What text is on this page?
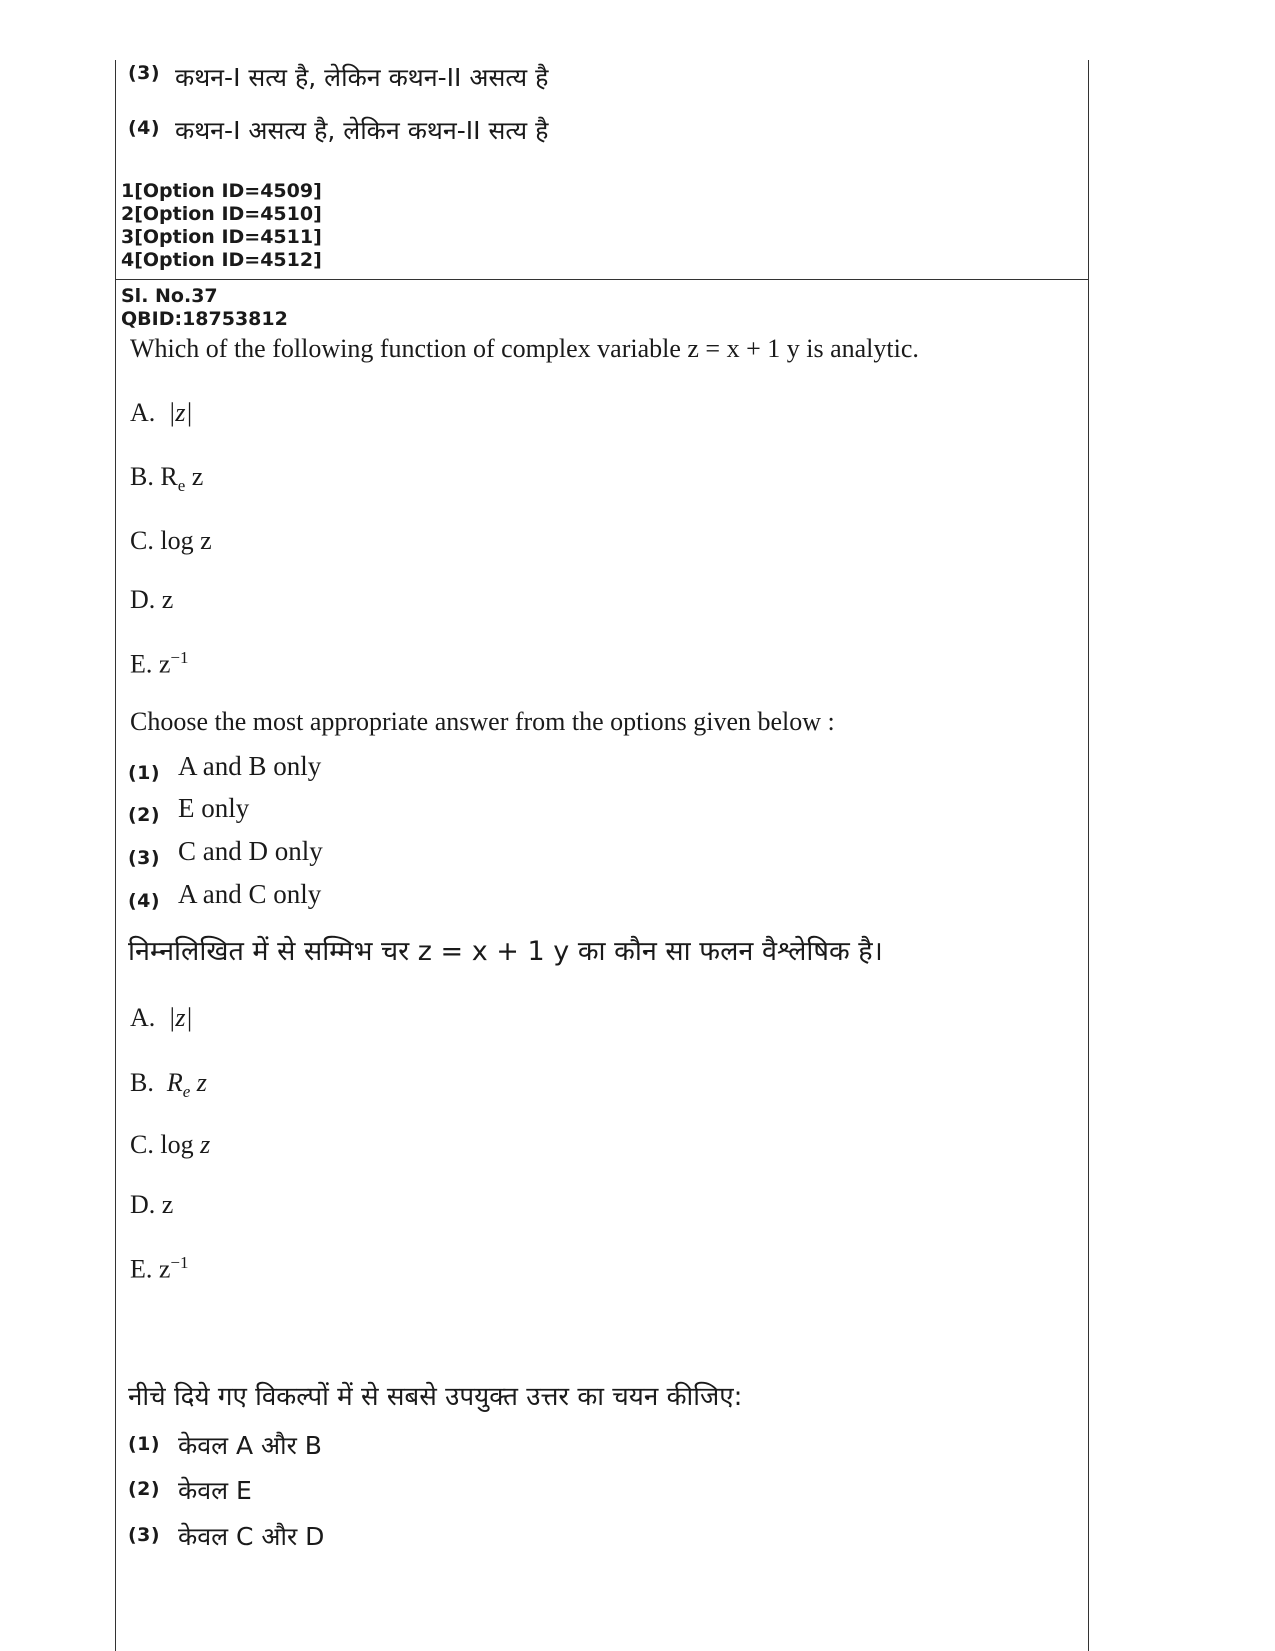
(3) कथन-I सत्य है, लेकिन कथन-II असत्य है
(4) कथन-I असत्य है, लेकिन कथन-II सत्य है
1[Option ID=4509]
2[Option ID=4510]
3[Option ID=4511]
4[Option ID=4512]
Sl. No.37
QBID:18753812
Which of the following function of complex variable z = x + 1 y is analytic.
A. |z|
B. $R_e$ z
C. log z
D. z
E. $z^{-1}$
Choose the most appropriate answer from the options given below :
(1) A and B only
(2) E only
(3) C and D only
(4) A and C only
निम्नलिखित में से सम्मिभ चर z = x + 1 y का कौन सा फलन वैश्लेषिक है।
A. |z|
B. $R_e$ z
C. log z
D. z
E. $z^{-1}$
नीचे दिये गए विकल्पों में से सबसे उपयुक्त उत्तर का चयन कीजिए:
(1) केवल A और B
(2) केवल E
(3) केवल C और D
